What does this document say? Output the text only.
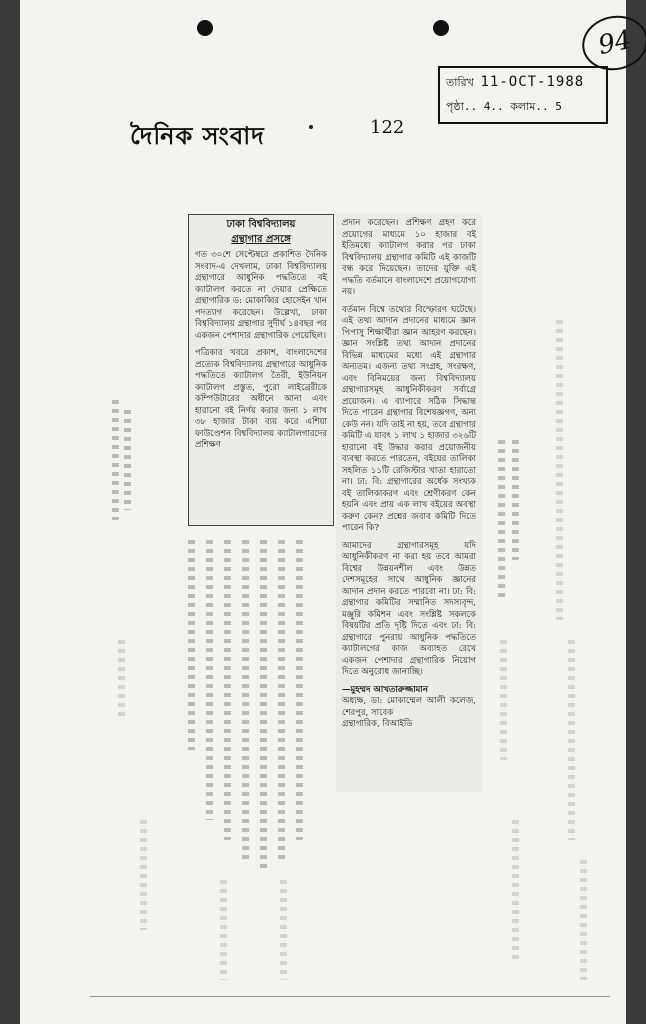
দৈনিক সংবাদ	122
94
তারিখ 11-OCT-1988
পৃষ্ঠা.. 4.. কলাম.. 5
ঢাকা বিশ্ববিদ্যালয়
গ্রন্থাগার প্রসঙ্গে

গত ৩০শে সেপ্টেম্বরে প্রকাশিত দৈনিক সংবাদ-এ দেখলাম, ঢাকা বিশ্ববিদ্যালয় গ্রন্থাগারে আধুনিক পদ্ধতিতে বই ক্যাটালগ করতে না দেয়ার প্রেক্ষিতে গ্রন্থাগারিক ড: মোকাব্বির হোসেইন খান পদত্যাগ করেছেন। উল্লেখ্য, ঢাকা বিশ্ববিদ্যালয় গ্রন্থাগার সুদীর্ঘ ১৪বছর পর একজন পেশাদার গ্রন্থাগারিক পেয়েছিল।

পত্রিকার খবরে প্রকাশ, বাংলাদেশের প্রত্যেক বিশ্ববিদ্যালয় গ্রন্থাগারে আধুনিক পদ্ধতিতে ক্যাটালগ তৈরী, ইউনিয়ন ক্যাটালগ প্রস্তুত, পুরো লাইব্রেরীকে কম্পিউটারের অধীনে আনা এবং হারানো বই নির্ণয় করার জন্য ১ লাখ ৩৮ হাজার টাকা ব্যয় করে এশিয়া ফাউণ্ডেশন বিশ্ববিদ্যালয় ক্যাটালগারদের প্রশিক্ষণ

প্রদান করেছেন। প্রশিক্ষণ গ্রহণ করে প্রয়োগের মাধ্যমে ১০ হাজার বই ইতিমধ্যে ক্যাটালগ করার পর ঢাকা বিশ্ববিদ্যালয় গ্রন্থাগার কমিটি এই কাজটি বন্ধ করে দিয়েছেন। তাদের যুক্তি এই পদ্ধতি বর্তমানে বাংলাদেশে প্রয়োগযোগ্য নয়।

বর্তমান বিশ্বে তথ্যের বিস্ফোরণ ঘটেছে। এই তথ্য আদান প্রদানের মাধ্যমে জ্ঞান পিপাসু শিক্ষার্থীরা জ্ঞান আহরণ করছেন। জ্ঞান সংশ্লিষ্ট তথ্য আদান প্রদানের বিভিন্ন মাধ্যমের মধ্যে এই গ্রন্থাগার অন্যতম। এজন্য তথ্য সংগ্রহ, সংরক্ষণ, এবং বিনিময়ের জন্য বিশ্ববিদ্যালয় গ্রন্থাগারসমূহ আধুনিকীকরণ সর্বাগ্রে প্রয়োজন। এ ব্যাপারে সঠিক সিদ্ধান্ত দিতে পারেন গ্রন্থাগার বিশেষজ্ঞগণ, অন্য কেউ নন। যদি তাই না হয়, তবে গ্রন্থাগার কমিটি এ যাবৎ ১ লাখ ১ হাজার ৩২৬টি হারানো বই উদ্ধার করার প্রয়োজনীয় ব্যবস্থা করতে পারতেন, বইয়ের তালিকা সহলিত ১১টি রেজিস্টার খাতা হারাতো না। ঢা: বি: গ্রন্থাগারের অর্ধেক সংখ্যক বই তালিকাকরণ এবং শ্রেণীকরণ কেন হয়নি এবং প্রায় এক লাখ বইয়ের অবস্থা করুণ কেন? প্রশ্নের জবাব কমিটি দিতে পারেন কি?

আমাদের গ্রন্থাগারসমূহ যদি আধুনিকীকরণ না করা হয় তবে আমরা বিশ্বের উন্নয়নশীল এবং উন্নত দেশসমূহের সাথে আধুনিক জ্ঞানের আদান প্রদান করতে পারবো না। ঢা: বি: গ্রন্থাগার কমিটির সম্মানিত সদস্যবৃন্দ, মঞ্জুরি কমিশন এবং সংশ্লিষ্ট সকলকে বিষয়টির প্রতি দৃষ্টি দিতে এবং ঢা: বি: গ্রন্থাগারে পুনরায় আধুনিক পদ্ধতিতে ক্যাটালগের কাজ অব্যাহত রেখে একজন পেশাদার গ্রন্থাগারিক নিয়োগ দিতে অনুরোধ জানাচ্ছি।

—মুহম্মদ আখতারুজ্জামান
অধ্যক্ষ, ডা: মোকাম্মেল আলী কলেজ, শেরপুর, সাবেক
গ্রন্থাগারিক, বিআইডি
